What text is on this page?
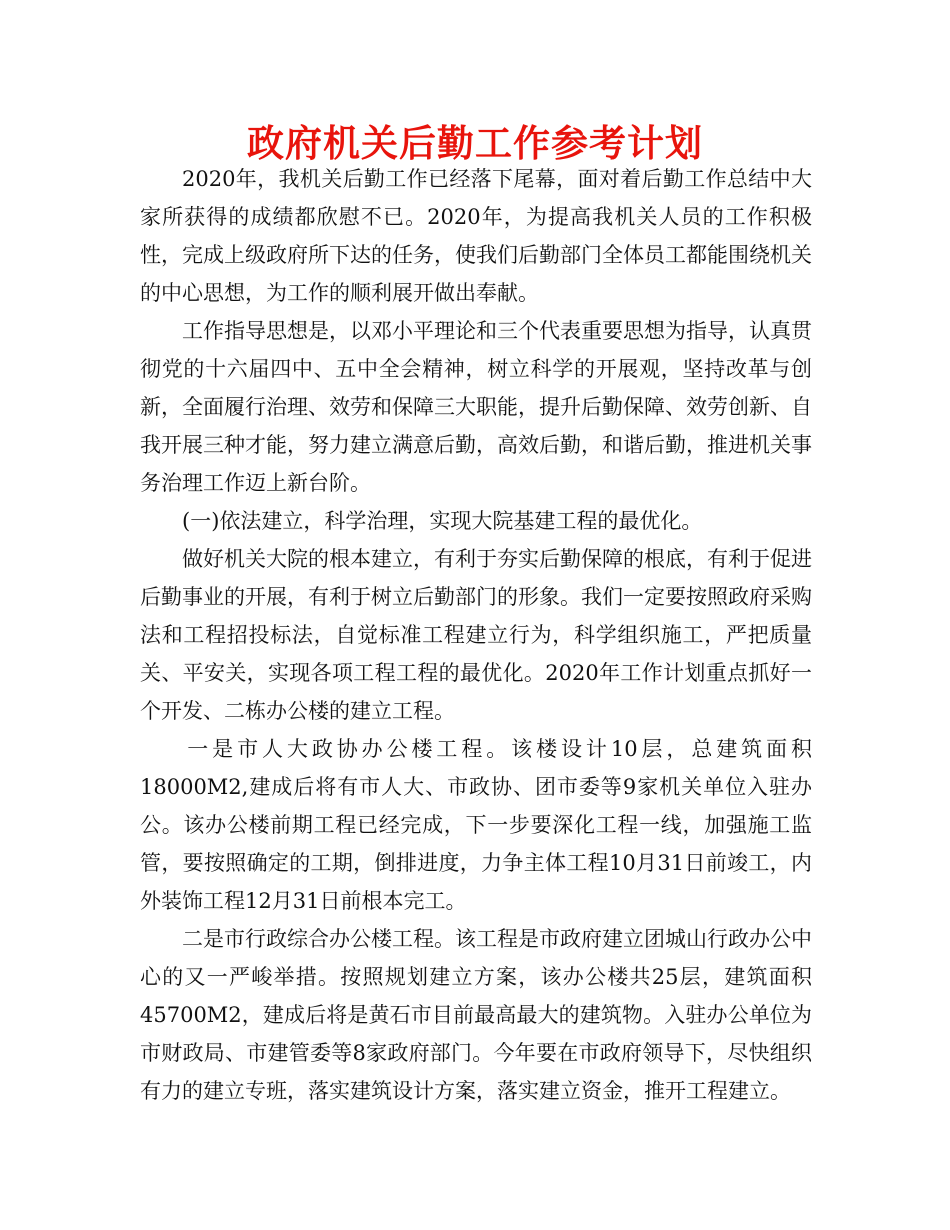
政府机关后勤工作参考计划

2020年，我机关后勤工作已经落下尾幕，面对着后勤工作总结中大家所获得的成绩都欣慰不已。2020年，为提高我机关人员的工作积极性，完成上级政府所下达的任务，使我们后勤部门全体员工都能围绕机关的中心思想，为工作的顺利展开做出奉献。

工作指导思想是，以邓小平理论和三个代表重要思想为指导，认真贯彻党的十六届四中、五中全会精神，树立科学的开展观，坚持改革与创新，全面履行治理、效劳和保障三大职能，提升后勤保障、效劳创新、自我开展三种才能，努力建立满意后勤，高效后勤，和谐后勤，推进机关事务治理工作迈上新台阶。

(一)依法建立，科学治理，实现大院基建工程的最优化。

做好机关大院的根本建立，有利于夯实后勤保障的根底，有利于促进后勤事业的开展，有利于树立后勤部门的形象。我们一定要按照政府采购法和工程招投标法，自觉标准工程建立行为，科学组织施工，严把质量关、平安关，实现各项工程工程的最优化。2020年工作计划重点抓好一个开发、二栋办公楼的建立工程。

一是市人大政协办公楼工程。该楼设计10层，总建筑面积18000M2,建成后将有市人大、市政协、团市委等9家机关单位入驻办公。该办公楼前期工程已经完成，下一步要深化工程一线，加强施工监管，要按照确定的工期，倒排进度，力争主体工程10月31日前竣工，内外装饰工程12月31日前根本完工。

二是市行政综合办公楼工程。该工程是市政府建立团城山行政办公中心的又一严峻举措。按照规划建立方案，该办公楼共25层，建筑面积45700M2，建成后将是黄石市目前最高最大的建筑物。入驻办公单位为市财政局、市建管委等8家政府部门。今年要在市政府领导下，尽快组织有力的建立专班，落实建筑设计方案，落实建立资金，推开工程建立。
